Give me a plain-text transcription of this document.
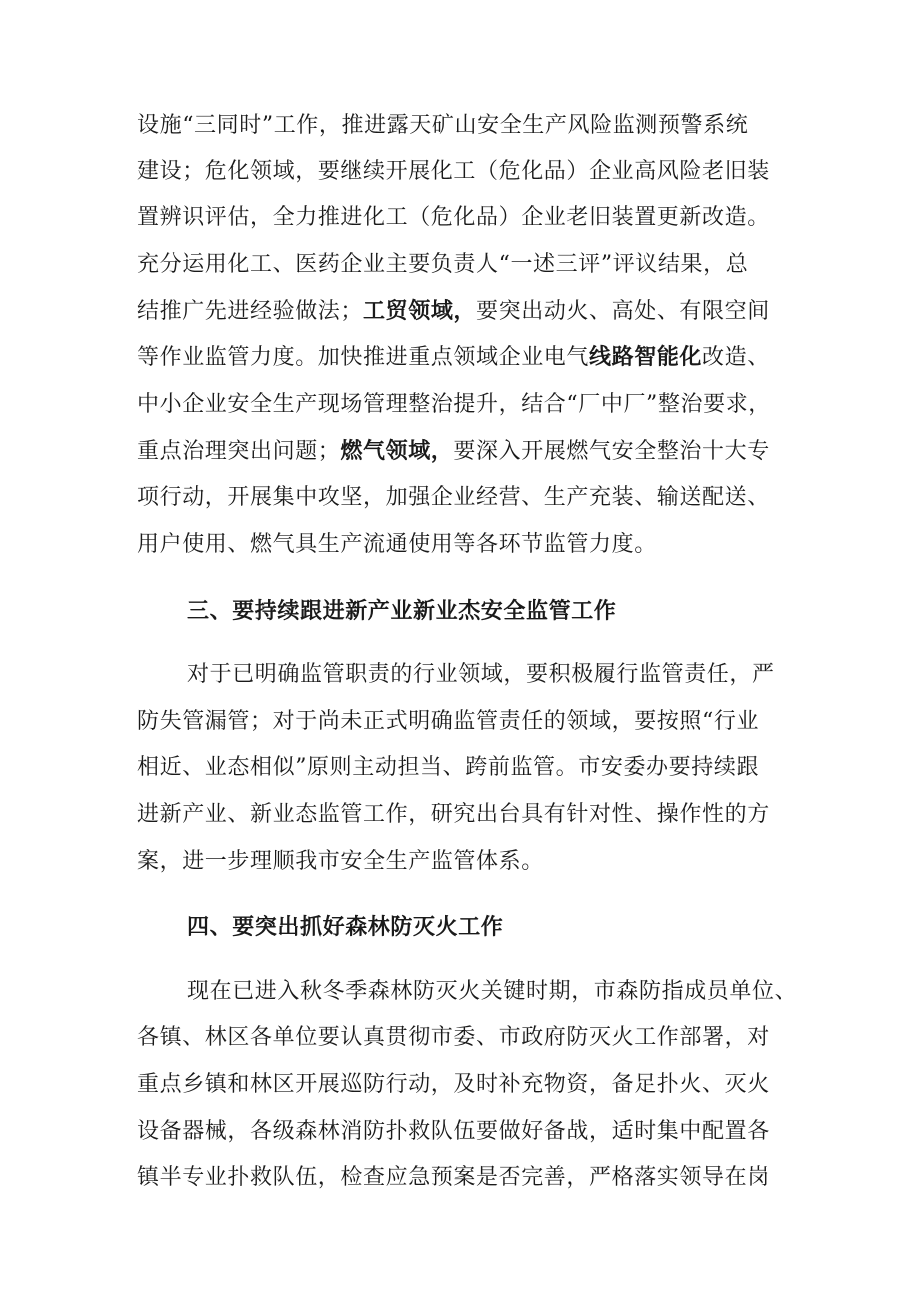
设施“三同时”工作，推进露天矿山安全生产风险监测预警系统
建设；危化领域，要继续开展化工（危化品）企业高风险老旧装
置辨识评估，全力推进化工（危化品）企业老旧装置更新改造。
充分运用化工、医药企业主要负责人“一述三评”评议结果，总
结推广先进经验做法；工贸领域，要突出动火、高处、有限空间
等作业监管力度。加快推进重点领域企业电气线路智能化改造、
中小企业安全生产现场管理整治提升，结合“厂中厂”整治要求，
重点治理突出问题；燃气领域，要深入开展燃气安全整治十大专
项行动，开展集中攻坚，加强企业经营、生产充装、输送配送、
用户使用、燃气具生产流通使用等各环节监管力度。
三、要持续跟进新产业新业杰安全监管工作
对于已明确监管职责的行业领域，要积极履行监管责任，严
防失管漏管；对于尚未正式明确监管责任的领域，要按照“行业
相近、业态相似”原则主动担当、跨前监管。市安委办要持续跟
进新产业、新业态监管工作，研究出台具有针对性、操作性的方
案，进一步理顺我市安全生产监管体系。
四、要突出抓好森林防灭火工作
现在已进入秋冬季森林防灭火关键时期，市森防指成员单位、
各镇、林区各单位要认真贯彻市委、市政府防灭火工作部署，对
重点乡镇和林区开展巡防行动，及时补充物资，备足扑火、灭火
设备器械，各级森林消防扑救队伍要做好备战，适时集中配置各
镇半专业扑救队伍，检查应急预案是否完善，严格落实领导在岗
